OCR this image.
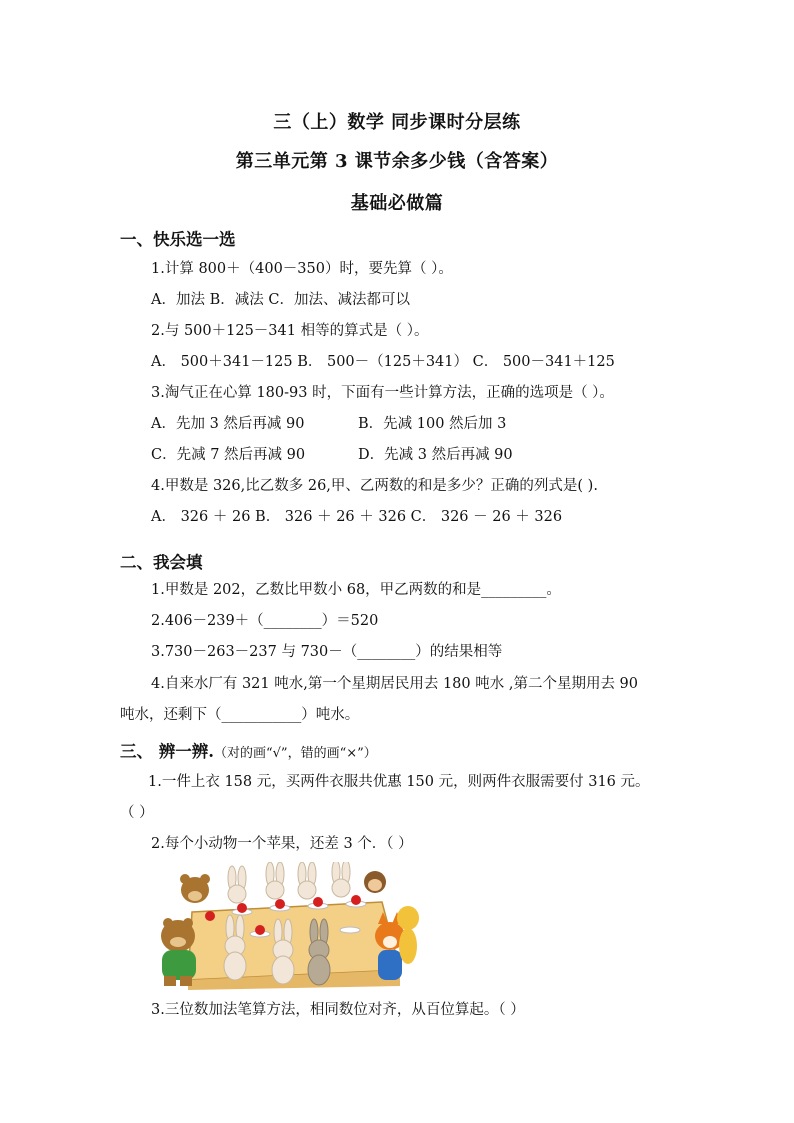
三（上）数学 同步课时分层练
第三单元第 3 课节余多少钱（含答案）
基础必做篇
一、快乐选一选
1.计算 800＋（400－350）时，要先算（ ）。
A．加法 B．减法 C．加法、减法都可以
2.与 500＋125－341 相等的算式是（ ）。
A． 500＋341－125 B． 500－（125＋341） C． 500－341＋125
3.淘气正在心算 180-93 时，下面有一些计算方法，正确的选项是（ ）。
A．先加 3 然后再减 90	B．先减 100 然后加 3
C．先减 7 然后再减 90	D．先减 3 然后再减 90
4.甲数是 326,比乙数多 26,甲、乙两数的和是多少？正确的列式是( ).
A． 326 ＋ 26 B． 326 ＋ 26 ＋ 326 C． 326 － 26 ＋ 326
二、我会填
1.甲数是 202，乙数比甲数小 68，甲乙两数的和是_________。
2.406－239＋（________）＝520
3.730－263－237 与 730－（________）的结果相等
4.自来水厂有 321 吨水,第一个星期居民用去 180 吨水 ,第二个星期用去 90
吨水，还剩下（___________）吨水。
三、 辨一辨.（对的画“√”，错的画“×”）
1.一件上衣 158 元，买两件衣服共优惠 150 元，则两件衣服需要付 316 元。
（ ）
2.每个小动物一个苹果，还差 3 个．（ ）
3.三位数加法笔算方法，相同数位对齐，从百位算起。（ ）
